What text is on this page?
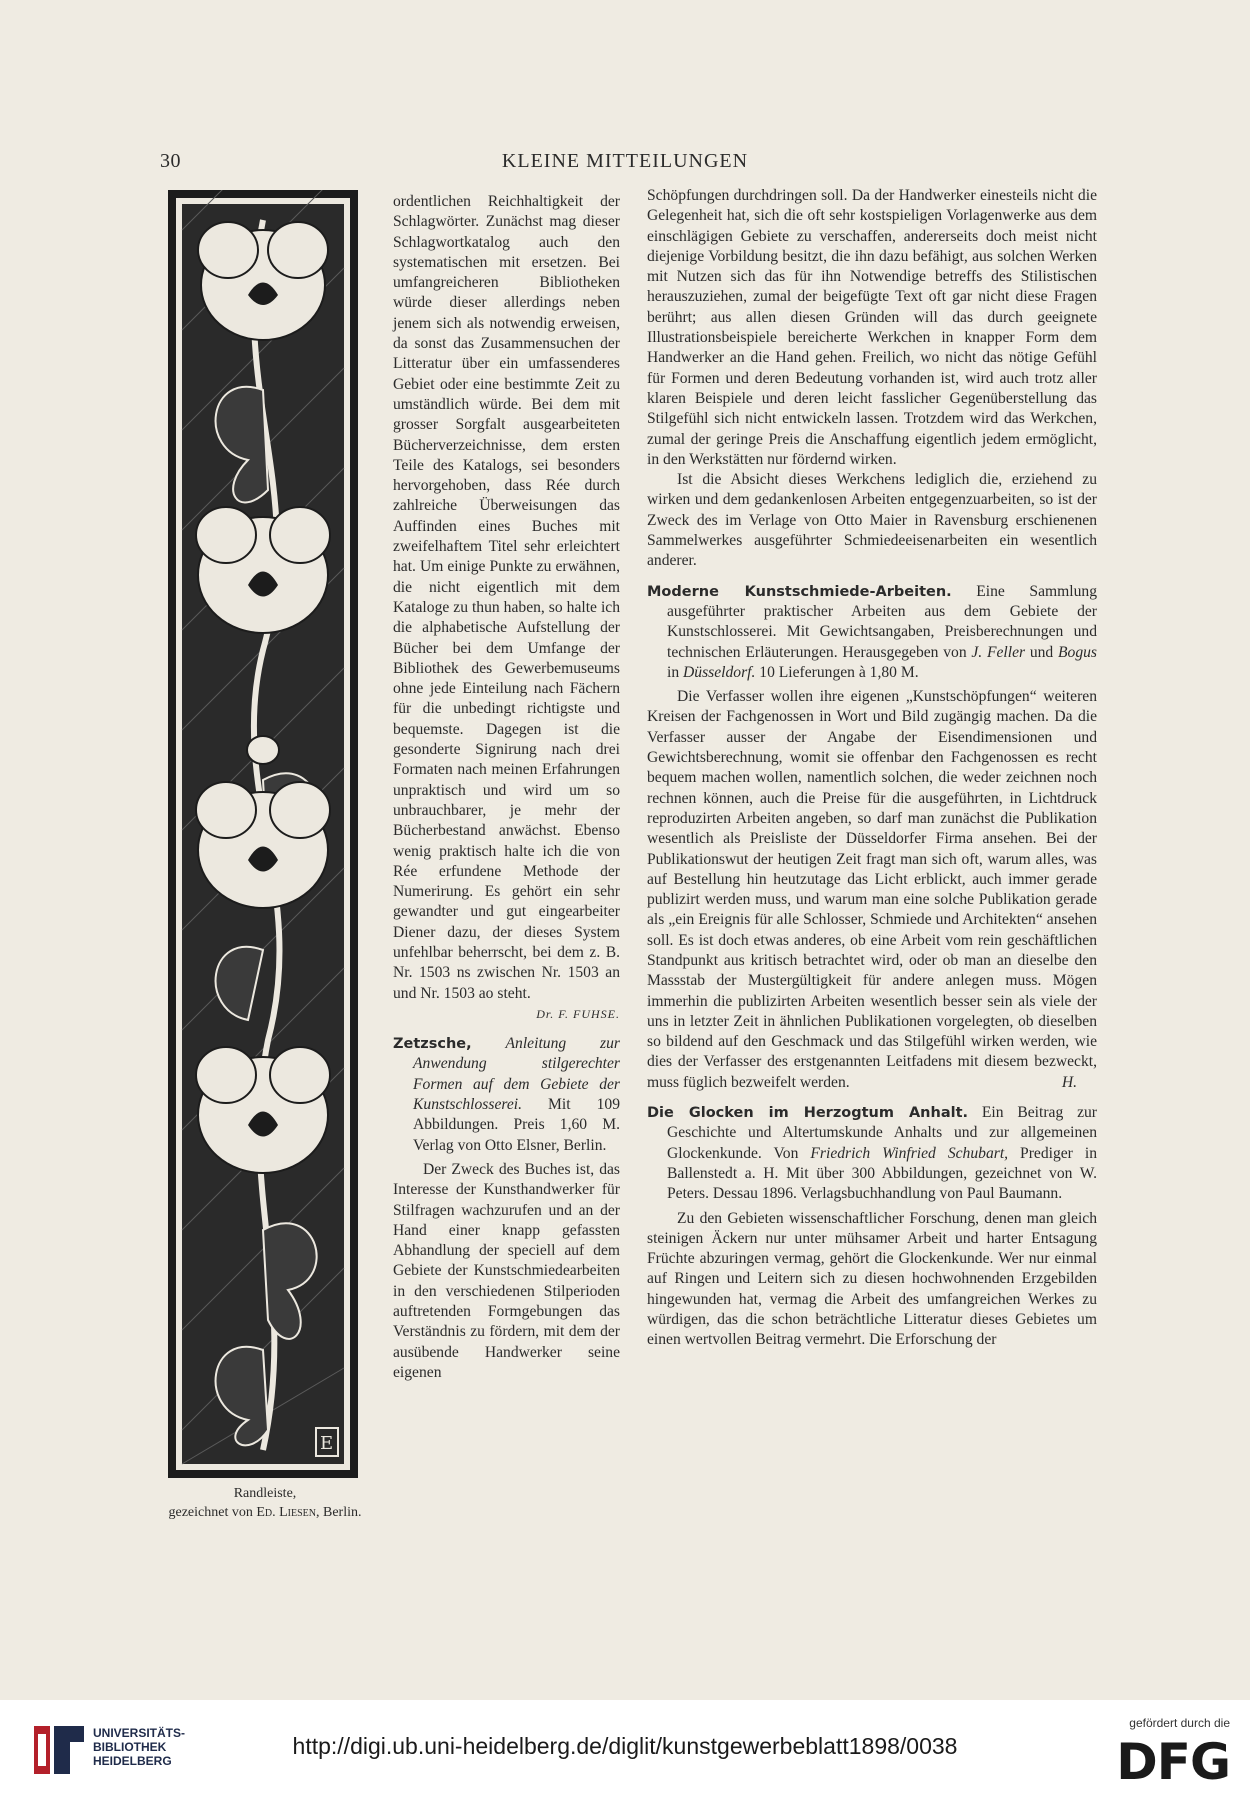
30	KLEINE MITTEILUNGEN
E
Randleiste,
gezeichnet von Ed. Liesen, Berlin.

ordentlichen Reichhaltigkeit der Schlagwörter. Zunächst mag dieser Schlagwortkatalog auch den systematischen mit ersetzen. Bei umfangreicheren Bibliotheken würde dieser allerdings neben jenem sich als notwendig erweisen, da sonst das Zusammensuchen der Litteratur über ein umfassenderes Gebiet oder eine bestimmte Zeit zu umständlich würde. Bei dem mit grosser Sorgfalt ausgearbeiteten Bücherverzeichnisse, dem ersten Teile des Katalogs, sei besonders hervorgehoben, dass Rée durch zahlreiche Überweisungen das Auffinden eines Buches mit zweifelhaftem Titel sehr erleichtert hat. Um einige Punkte zu erwähnen, die nicht eigentlich mit dem Kataloge zu thun haben, so halte ich die alphabetische Aufstellung der Bücher bei dem Umfange der Bibliothek des Gewerbemuseums ohne jede Einteilung nach Fächern für die unbedingt richtigste und bequemste. Dagegen ist die gesonderte Signirung nach drei Formaten nach meinen Erfahrungen unpraktisch und wird um so unbrauchbarer, je mehr der Bücherbestand anwächst. Ebenso wenig praktisch halte ich die von Rée erfundene Methode der Numerirung. Es gehört ein sehr gewandter und gut eingearbeiter Diener dazu, der dieses System unfehlbar beherrscht, bei dem z. B. Nr. 1503 ns zwischen Nr. 1503 an und Nr. 1503 ao steht.

Dr. F. FUHSE.

Zetzsche, Anleitung zur Anwendung stilgerechter Formen auf dem Gebiete der Kunstschlosserei. Mit 109 Abbildungen. Preis 1,60 M. Verlag von Otto Elsner, Berlin.

Der Zweck des Buches ist, das Interesse der Kunsthandwerker für Stilfragen wachzurufen und an der Hand einer knapp gefassten Abhandlung der speciell auf dem Gebiete der Kunstschmiedearbeiten in den verschiedenen Stilperioden auftretenden Formgebungen das Verständnis zu fördern, mit dem der ausübende Handwerker seine eigenen

Schöpfungen durchdringen soll. Da der Handwerker einesteils nicht die Gelegenheit hat, sich die oft sehr kostspieligen Vorlagenwerke aus dem einschlägigen Gebiete zu verschaffen, andererseits doch meist nicht diejenige Vorbildung besitzt, die ihn dazu befähigt, aus solchen Werken mit Nutzen sich das für ihn Notwendige betreffs des Stilistischen herauszuziehen, zumal der beigefügte Text oft gar nicht diese Fragen berührt; aus allen diesen Gründen will das durch geeignete Illustrationsbeispiele bereicherte Werkchen in knapper Form dem Handwerker an die Hand gehen. Freilich, wo nicht das nötige Gefühl für Formen und deren Bedeutung vorhanden ist, wird auch trotz aller klaren Beispiele und deren leicht fasslicher Gegenüberstellung das Stilgefühl sich nicht entwickeln lassen. Trotzdem wird das Werkchen, zumal der geringe Preis die Anschaffung eigentlich jedem ermöglicht, in den Werkstätten nur fördernd wirken.

Ist die Absicht dieses Werkchens lediglich die, erziehend zu wirken und dem gedankenlosen Arbeiten entgegenzuarbeiten, so ist der Zweck des im Verlage von Otto Maier in Ravensburg erschienenen Sammelwerkes ausgeführter Schmiedeeisenarbeiten ein wesentlich anderer.

Moderne Kunstschmiede-Arbeiten. Eine Sammlung ausgeführter praktischer Arbeiten aus dem Gebiete der Kunstschlosserei. Mit Gewichtsangaben, Preisberechnungen und technischen Erläuterungen. Herausgegeben von J. Feller und Bogus in Düsseldorf. 10 Lieferungen à 1,80 M.

Die Verfasser wollen ihre eigenen „Kunstschöpfungen“ weiteren Kreisen der Fachgenossen in Wort und Bild zugängig machen. Da die Verfasser ausser der Angabe der Eisendimensionen und Gewichtsberechnung, womit sie offenbar den Fachgenossen es recht bequem machen wollen, namentlich solchen, die weder zeichnen noch rechnen können, auch die Preise für die ausgeführten, in Lichtdruck reproduzirten Arbeiten angeben, so darf man zunächst die Publikation wesentlich als Preisliste der Düsseldorfer Firma ansehen. Bei der Publikationswut der heutigen Zeit fragt man sich oft, warum alles, was auf Bestellung hin heutzutage das Licht erblickt, auch immer gerade publizirt werden muss, und warum man eine solche Publikation gerade als „ein Ereignis für alle Schlosser, Schmiede und Architekten“ ansehen soll. Es ist doch etwas anderes, ob eine Arbeit vom rein geschäftlichen Standpunkt aus kritisch betrachtet wird, oder ob man an dieselbe den Massstab der Mustergültigkeit für andere anlegen muss. Mögen immerhin die publizirten Arbeiten wesentlich besser sein als viele der uns in letzter Zeit in ähnlichen Publikationen vorgelegten, ob dieselben so bildend auf den Geschmack und das Stilgefühl wirken werden, wie dies der Verfasser des erstgenannten Leitfadens mit diesem bezweckt, muss füglich bezweifelt werden.	H.

Die Glocken im Herzogtum Anhalt. Ein Beitrag zur Geschichte und Altertumskunde Anhalts und zur allgemeinen Glockenkunde. Von Friedrich Winfried Schubart, Prediger in Ballenstedt a. H. Mit über 300 Abbildungen, gezeichnet von W. Peters. Dessau 1896. Verlagsbuchhandlung von Paul Baumann.

Zu den Gebieten wissenschaftlicher Forschung, denen man gleich steinigen Äckern nur unter mühsamer Arbeit und harter Entsagung Früchte abzuringen vermag, gehört die Glockenkunde. Wer nur einmal auf Ringen und Leitern sich zu diesen hochwohnenden Erzgebilden hingewunden hat, vermag die Arbeit des umfangreichen Werkes zu würdigen, das die schon beträchtliche Litteratur dieses Gebietes um einen wertvollen Beitrag vermehrt. Die Erforschung der

UNIVERSITÄTS-
BIBLIOTHEK
HEIDELBERG
http://digi.ub.uni-heidelberg.de/diglit/kunstgewerbeblatt1898/0038
gefördert durch die
DFG
